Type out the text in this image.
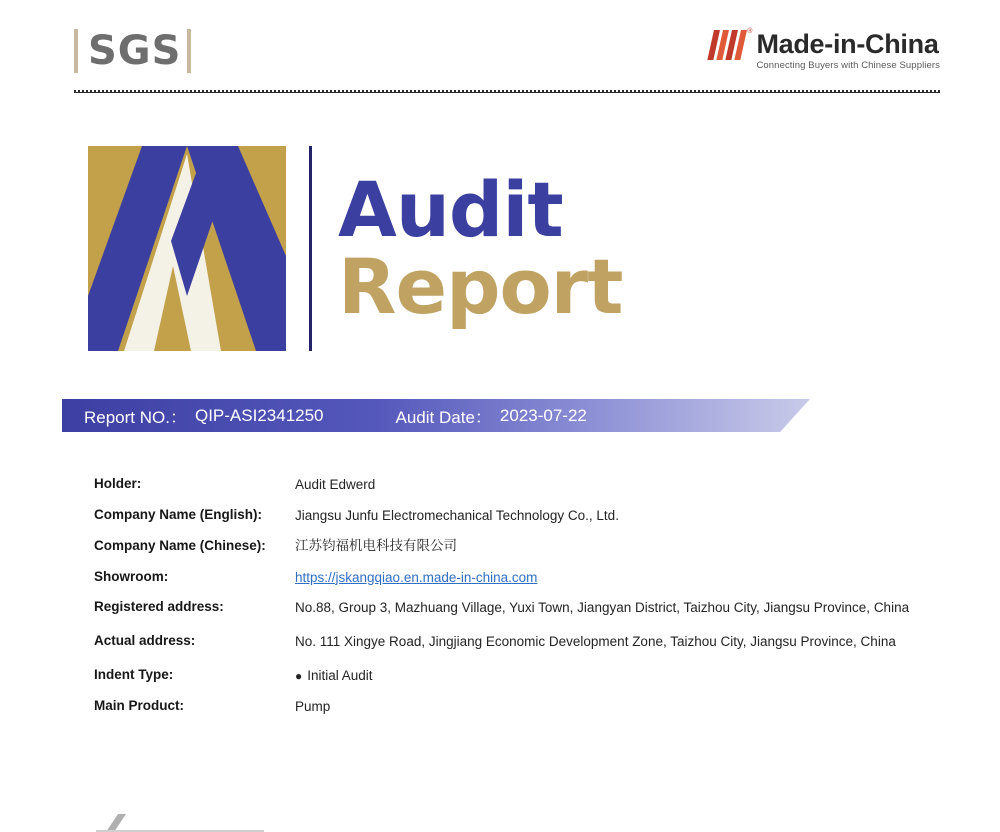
SGS	® Made-in-China
Connecting Buyers with Chinese Suppliers
Audit
Report
Report NO.： QIP-ASI2341250	Audit Date： 2023-07-22
Holder:	Audit Edwerd
Company Name (English):	Jiangsu Junfu Electromechanical Technology Co., Ltd.
Company Name (Chinese):	江苏钧福机电科技有限公司
Showroom:	https://jskangqiao.en.made-in-china.com
Registered address:	No.88, Group 3, Mazhuang Village, Yuxi Town, Jiangyan District, Taizhou City, Jiangsu Province, China
Actual address:	No. 111 Xingye Road, Jingjiang Economic Development Zone, Taizhou City, Jiangsu Province, China
Indent Type:	● Initial Audit
Main Product:	Pump
